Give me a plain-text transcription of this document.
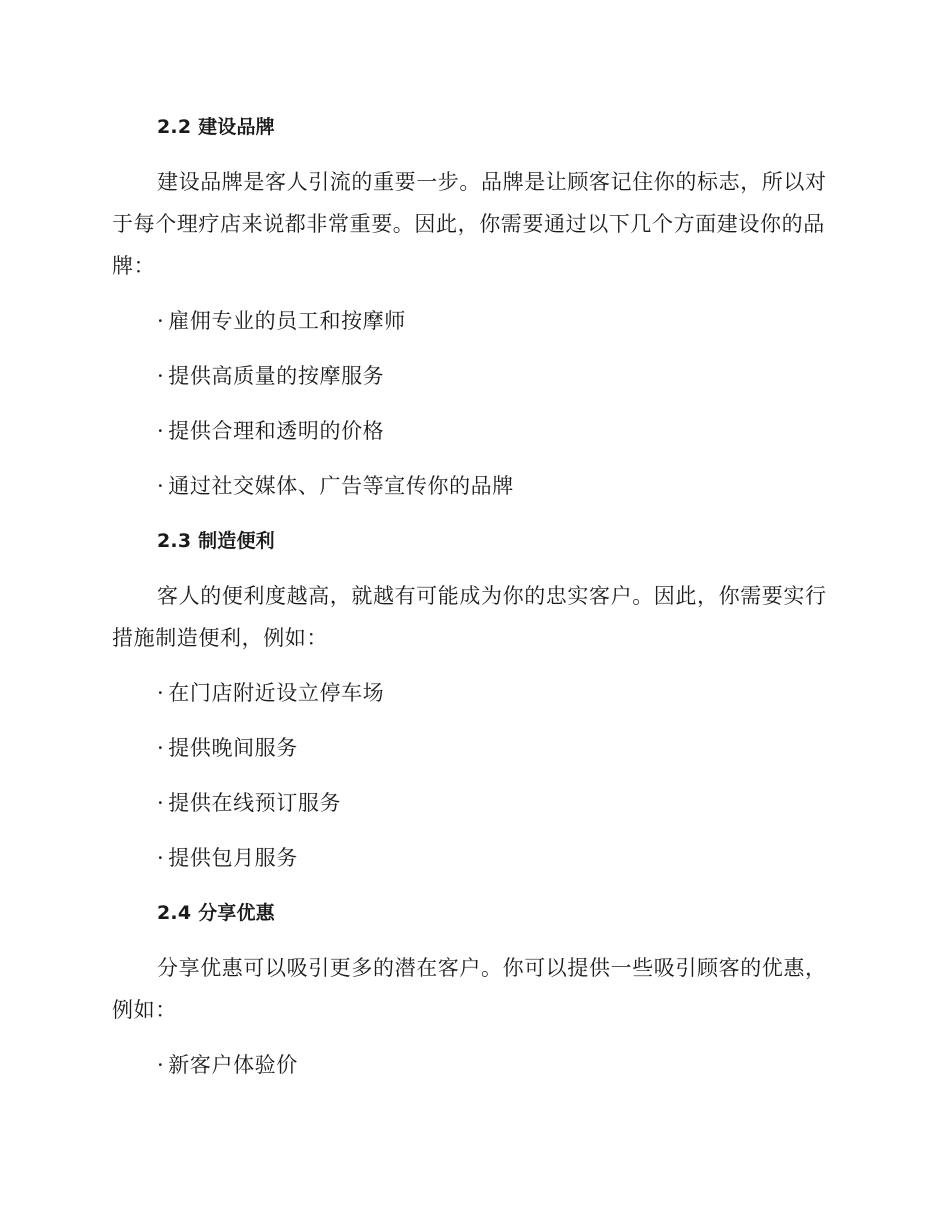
2.2 建设品牌
建设品牌是客人引流的重要一步。品牌是让顾客记住你的标志，所以对
于每个理疗店来说都非常重要。因此，你需要通过以下几个方面建设你的品
牌：
· 雇佣专业的员工和按摩师
· 提供高质量的按摩服务
· 提供合理和透明的价格
· 通过社交媒体、广告等宣传你的品牌
2.3 制造便利
客人的便利度越高，就越有可能成为你的忠实客户。因此，你需要实行
措施制造便利，例如：
· 在门店附近设立停车场
· 提供晚间服务
· 提供在线预订服务
· 提供包月服务
2.4 分享优惠
分享优惠可以吸引更多的潜在客户。你可以提供一些吸引顾客的优惠，
例如：
· 新客户体验价
